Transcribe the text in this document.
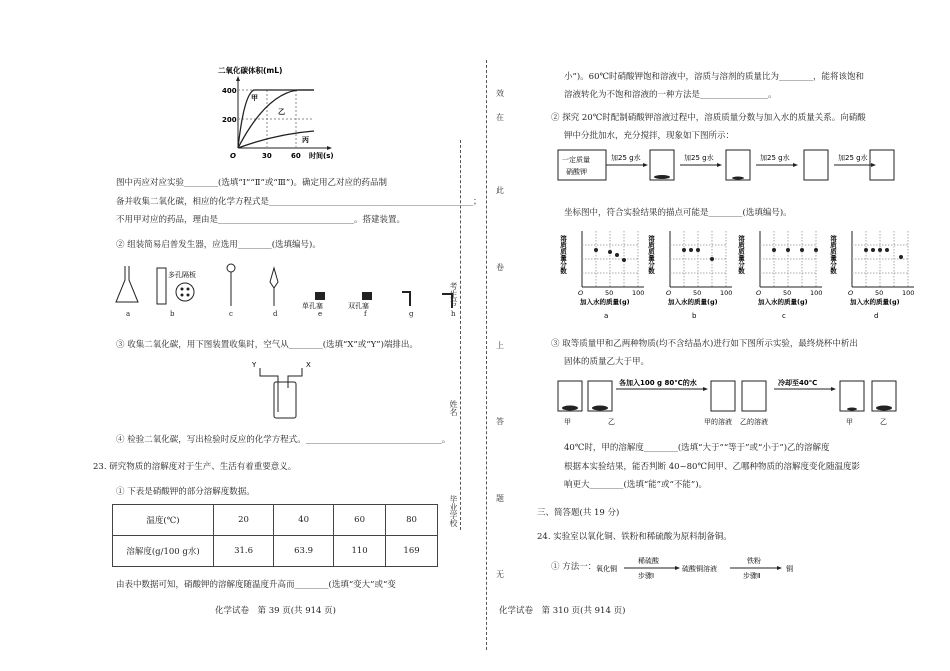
二氧化碳体积(mL)
400
200
O	30	60 时间(s)
甲
乙
丙
图中丙应对应实验________(选填“Ⅰ”“Ⅱ”或“Ⅲ”)。确定用乙对应的药品制
备并收集二氧化碳，相应的化学方程式是________________________________________________；
不用甲对应的药品，理由是________________________________。搭建装置。
② 组装简易启普发生器，应选用________(选填编号)。
多孔隔板
单孔塞	双孔塞
a	b	c	d	e	f	g	h
③ 收集二氧化碳，用下图装置收集时，空气从________(选填“X”或“Y”)端排出。
Y	X
④ 检验二氧化碳，写出检验时反应的化学方程式。________________________________。
23. 研究物质的溶解度对于生产、生活有着重要意义。
① 下表是硝酸钾的部分溶解度数据。
温度(℃)	20	40	60	80
溶解度(g/100 g水)	31.6	63.9	110	169
由表中数据可知，硝酸钾的溶解度随温度升高而________(选填“变大”或“变
化学试卷　第 39 页(共 914 页)
效
在
此
卷
上
答
题
无
考生号
姓名
毕业学校
小”)。60℃时硝酸钾饱和溶液中，溶质与溶剂的质量比为________，能将该饱和
溶液转化为不饱和溶液的一种方法是________________。
② 探究 20℃时配制硝酸钾溶液过程中，溶质质量分数与加入水的质量关系。向硝酸
钾中分批加水，充分搅拌，现象如下图所示：
一定质量
硝酸钾
加25 g水	加25 g水	加25 g水	加25 g水
坐标图中，符合实验结果的描点可能是________(选填编号)。
溶质质量分数
O	50	100
加入水的质量(g)
a
溶质质量分数
O	50	100
加入水的质量(g)
b
溶质质量分数
O	50	100
加入水的质量(g)
c
溶质质量分数
O	50	100
加入水的质量(g)
d
③ 取等质量甲和乙两种物质(均不含结晶水)进行如下图所示实验，最终烧杯中析出
固体的质量乙大于甲。
甲	乙
各加入100 g 80℃的水
甲的溶液 乙的溶液
冷却至40℃
甲	乙
40℃时，甲的溶解度________(选填“大于”“等于”或“小于”)乙的溶解度
根据本实验结果，能否判断 40~80℃间甲、乙哪种物质的溶解度变化随温度影
响更大________(选填“能”或“不能”)。
三、简答题(共 19 分)
24. 实验室以氧化铜、铁粉和稀硫酸为原料制备铜。
① 方法一： 氧化铜
稀硫酸
步骤Ⅰ
硫酸铜溶液
铁粉
步骤Ⅱ
铜
化学试卷　第 310 页(共 914 页)
